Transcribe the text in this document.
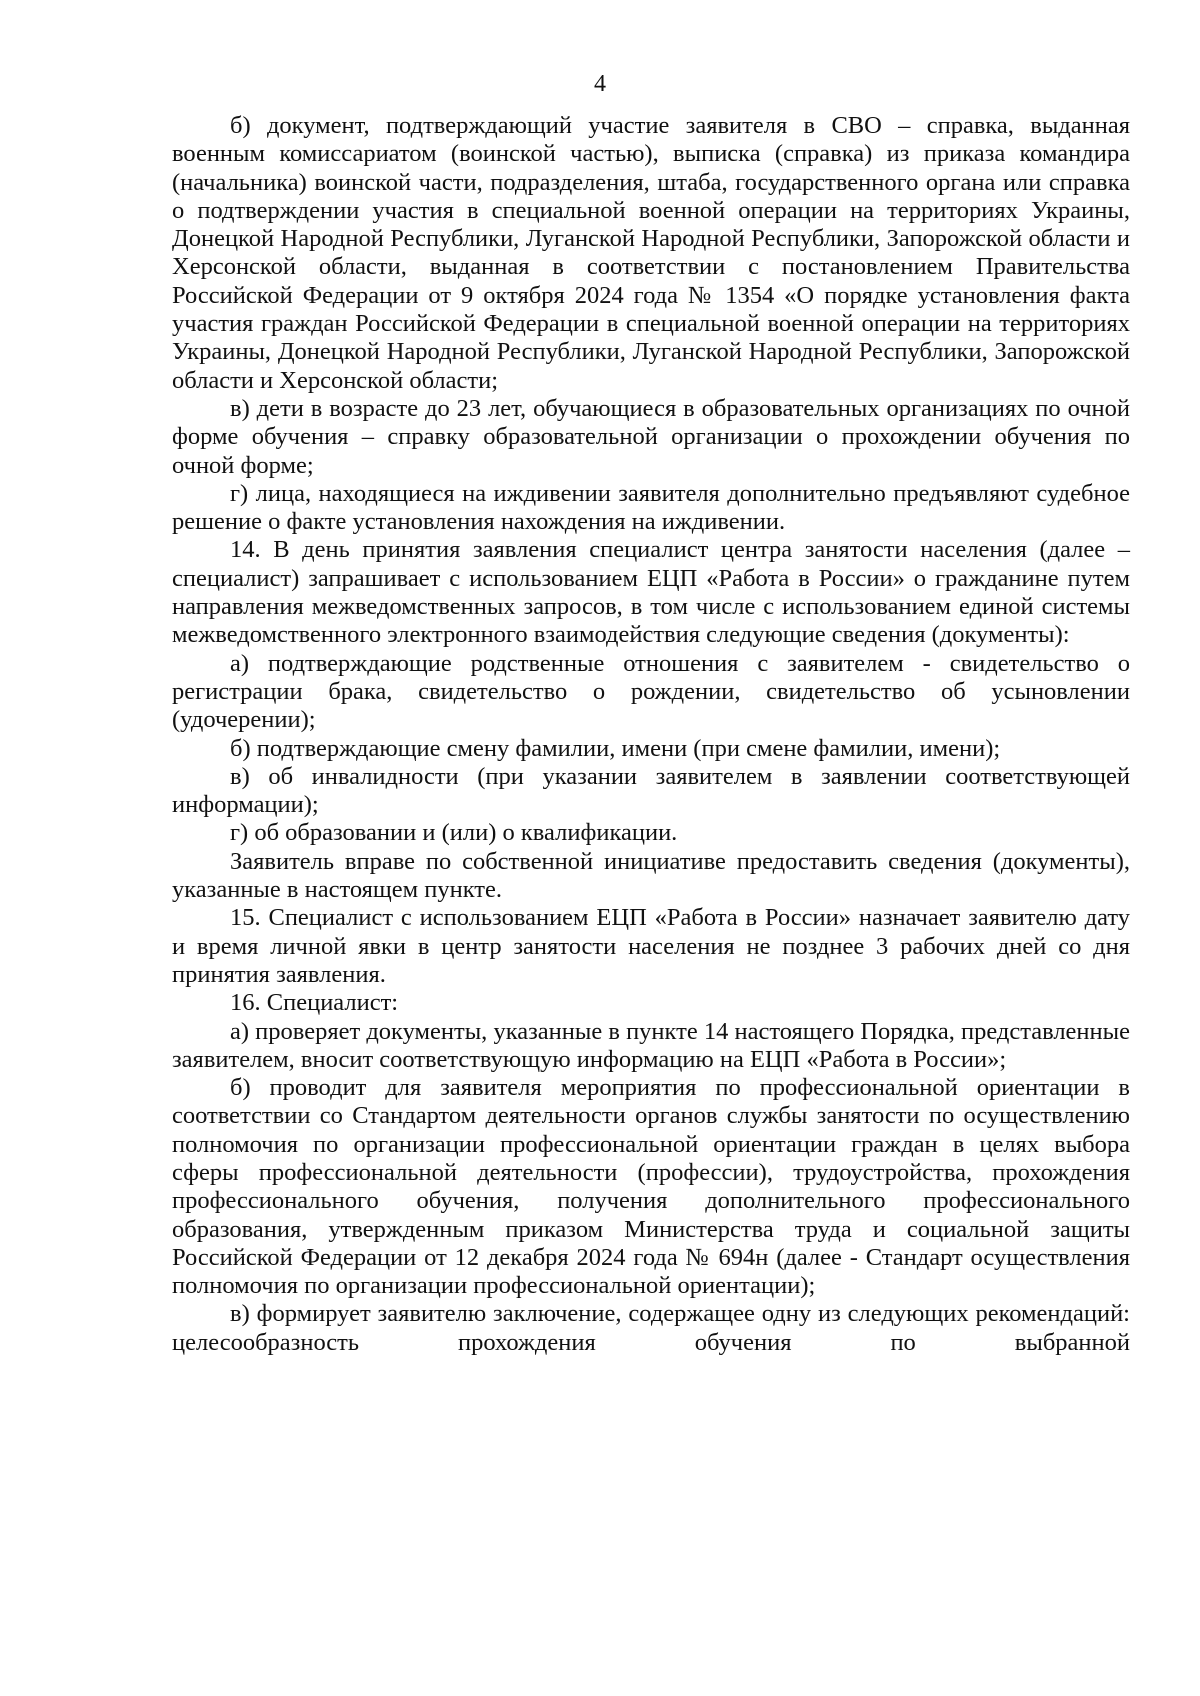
4

б) документ, подтверждающий участие заявителя в СВО – справка, выданная военным комиссариатом (воинской частью), выписка (справка) из приказа командира (начальника) воинской части, подразделения, штаба, государственного органа или справка о подтверждении участия в специальной военной операции на территориях Украины, Донецкой Народной Республики, Луганской Народной Республики, Запорожской области и Херсонской области, выданная в соответствии с постановлением Правительства Российской Федерации от 9 октября 2024 года № 1354 «О порядке установления факта участия граждан Российской Федерации в специальной военной операции на территориях Украины, Донецкой Народной Республики, Луганской Народной Республики, Запорожской области и Херсонской области;

в) дети в возрасте до 23 лет, обучающиеся в образовательных организациях по очной форме обучения – справку образовательной организации о прохождении обучения по очной форме;

г) лица, находящиеся на иждивении заявителя дополнительно предъявляют судебное решение о факте установления нахождения на иждивении.

14. В день принятия заявления специалист центра занятости населения (далее – специалист) запрашивает с использованием ЕЦП «Работа в России» о гражданине путем направления межведомственных запросов, в том числе с использованием единой системы межведомственного электронного взаимодействия следующие сведения (документы):

а) подтверждающие родственные отношения с заявителем - свидетельство о регистрации брака, свидетельство о рождении, свидетельство об усыновлении (удочерении);

б) подтверждающие смену фамилии, имени (при смене фамилии, имени);

в) об инвалидности (при указании заявителем в заявлении соответствующей информации);

г) об образовании и (или) о квалификации.

Заявитель вправе по собственной инициативе предоставить сведения (документы), указанные в настоящем пункте.

15. Специалист с использованием ЕЦП «Работа в России» назначает заявителю дату и время личной явки в центр занятости населения не позднее 3 рабочих дней со дня принятия заявления.

16. Специалист:

а) проверяет документы, указанные в пункте 14 настоящего Порядка, представленные заявителем, вносит соответствующую информацию на ЕЦП «Работа в России»;

б) проводит для заявителя мероприятия по профессиональной ориентации в соответствии со Стандартом деятельности органов службы занятости по осуществлению полномочия по организации профессиональной ориентации граждан в целях выбора сферы профессиональной деятельности (профессии), трудоустройства, прохождения профессионального обучения, получения дополнительного профессионального образования, утвержденным приказом Министерства труда и социальной защиты Российской Федерации от 12 декабря 2024 года № 694н (далее - Стандарт осуществления полномочия по организации профессиональной ориентации);

в) формирует заявителю заключение, содержащее одну из следующих рекомендаций: целесообразность прохождения обучения по выбранной
